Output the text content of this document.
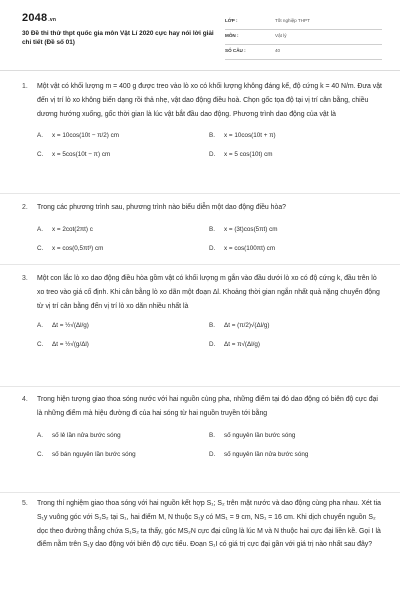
2048.vn
30 Đề thi thử thpt quốc gia môn Vật Lí 2020 cực hay nói lời giải chi tiết (Đề số 01)
LỚP :	Tốt nghiệp THPT
MÔN :	Vật lý
SỐ CÂU :	40
1. Một vật có khối lượng m = 400 g được treo vào lò xo có khối lượng không đáng kể, độ cứng k = 40 N/m. Đưa vật đến vị trí lò xo không biến dạng rồi thả nhẹ, vật dao động điều hoà. Chọn gốc tọa độ tại vị trí cân bằng, chiều dương hướng xuống, gốc thời gian là lúc vật bắt đầu dao động. Phương trình dao động của vật là
A. x = 10cos(10t − π/2) cm	B. x = 10cos(10t + π)
C. x = 5cos(10t − π) cm	D. x = 5 cos(10t) cm
2. Trong các phương trình sau, phương trình nào biểu diễn một dao động điều hòa?
A. x = 2cot(2πt) c	B. x = (3t)cos(5πt) cm
C. x = cos(0,5πt³) cm	D. x = cos(100πt) cm
3. Một con lắc lò xo dao động điều hòa gồm vật có khối lượng m gắn vào đầu dưới lò xo có độ cứng k, đầu trên lò xo treo vào giá cố định. Khi cân bằng lò xo dãn một đoạn Δl. Khoảng thời gian ngắn nhất quả nặng chuyển động từ vị trí cân bằng đến vị trí lò xo dãn nhiều nhất là
A. Δt = ½√(Δl/g)	B. Δt = (π/2)√(Δl/g)
C. Δt = ½√(g/Δl)	D. Δt = π√(Δl/g)
4. Trong hiện tượng giao thoa sóng nước với hai nguồn cùng pha, những điểm tại đó dao động có biên độ cực đại là những điểm mà hiệu đường đi của hai sóng từ hai nguồn truyền tới bằng
A. số lẻ lần nửa bước sóng	B. số nguyên lần bước sóng
C. số bán nguyên lần bước sóng	D. số nguyên lần nửa bước sóng
5. Trong thí nghiệm giao thoa sóng với hai nguồn kết hợp S₁; S₂ trên mặt nước và dao động cùng pha nhau. Xét tia S₁y vuông góc với S₁S₂ tại S₁, hai điểm M, N thuộc S₁y có MS₁ = 9 cm, NS₁ = 16 cm. Khi dịch chuyển nguồn S₂ dọc theo đường thẳng chứa S₁S₂ ta thấy, góc MS₂N cực đại cũng là lúc M và N thuộc hai cực đại liền kề. Gọi I là điểm nằm trên S₁y dao động với biên độ cực tiểu. Đoạn S₁I có giá trị cực đại gần với giá trị nào nhất sau đây?
